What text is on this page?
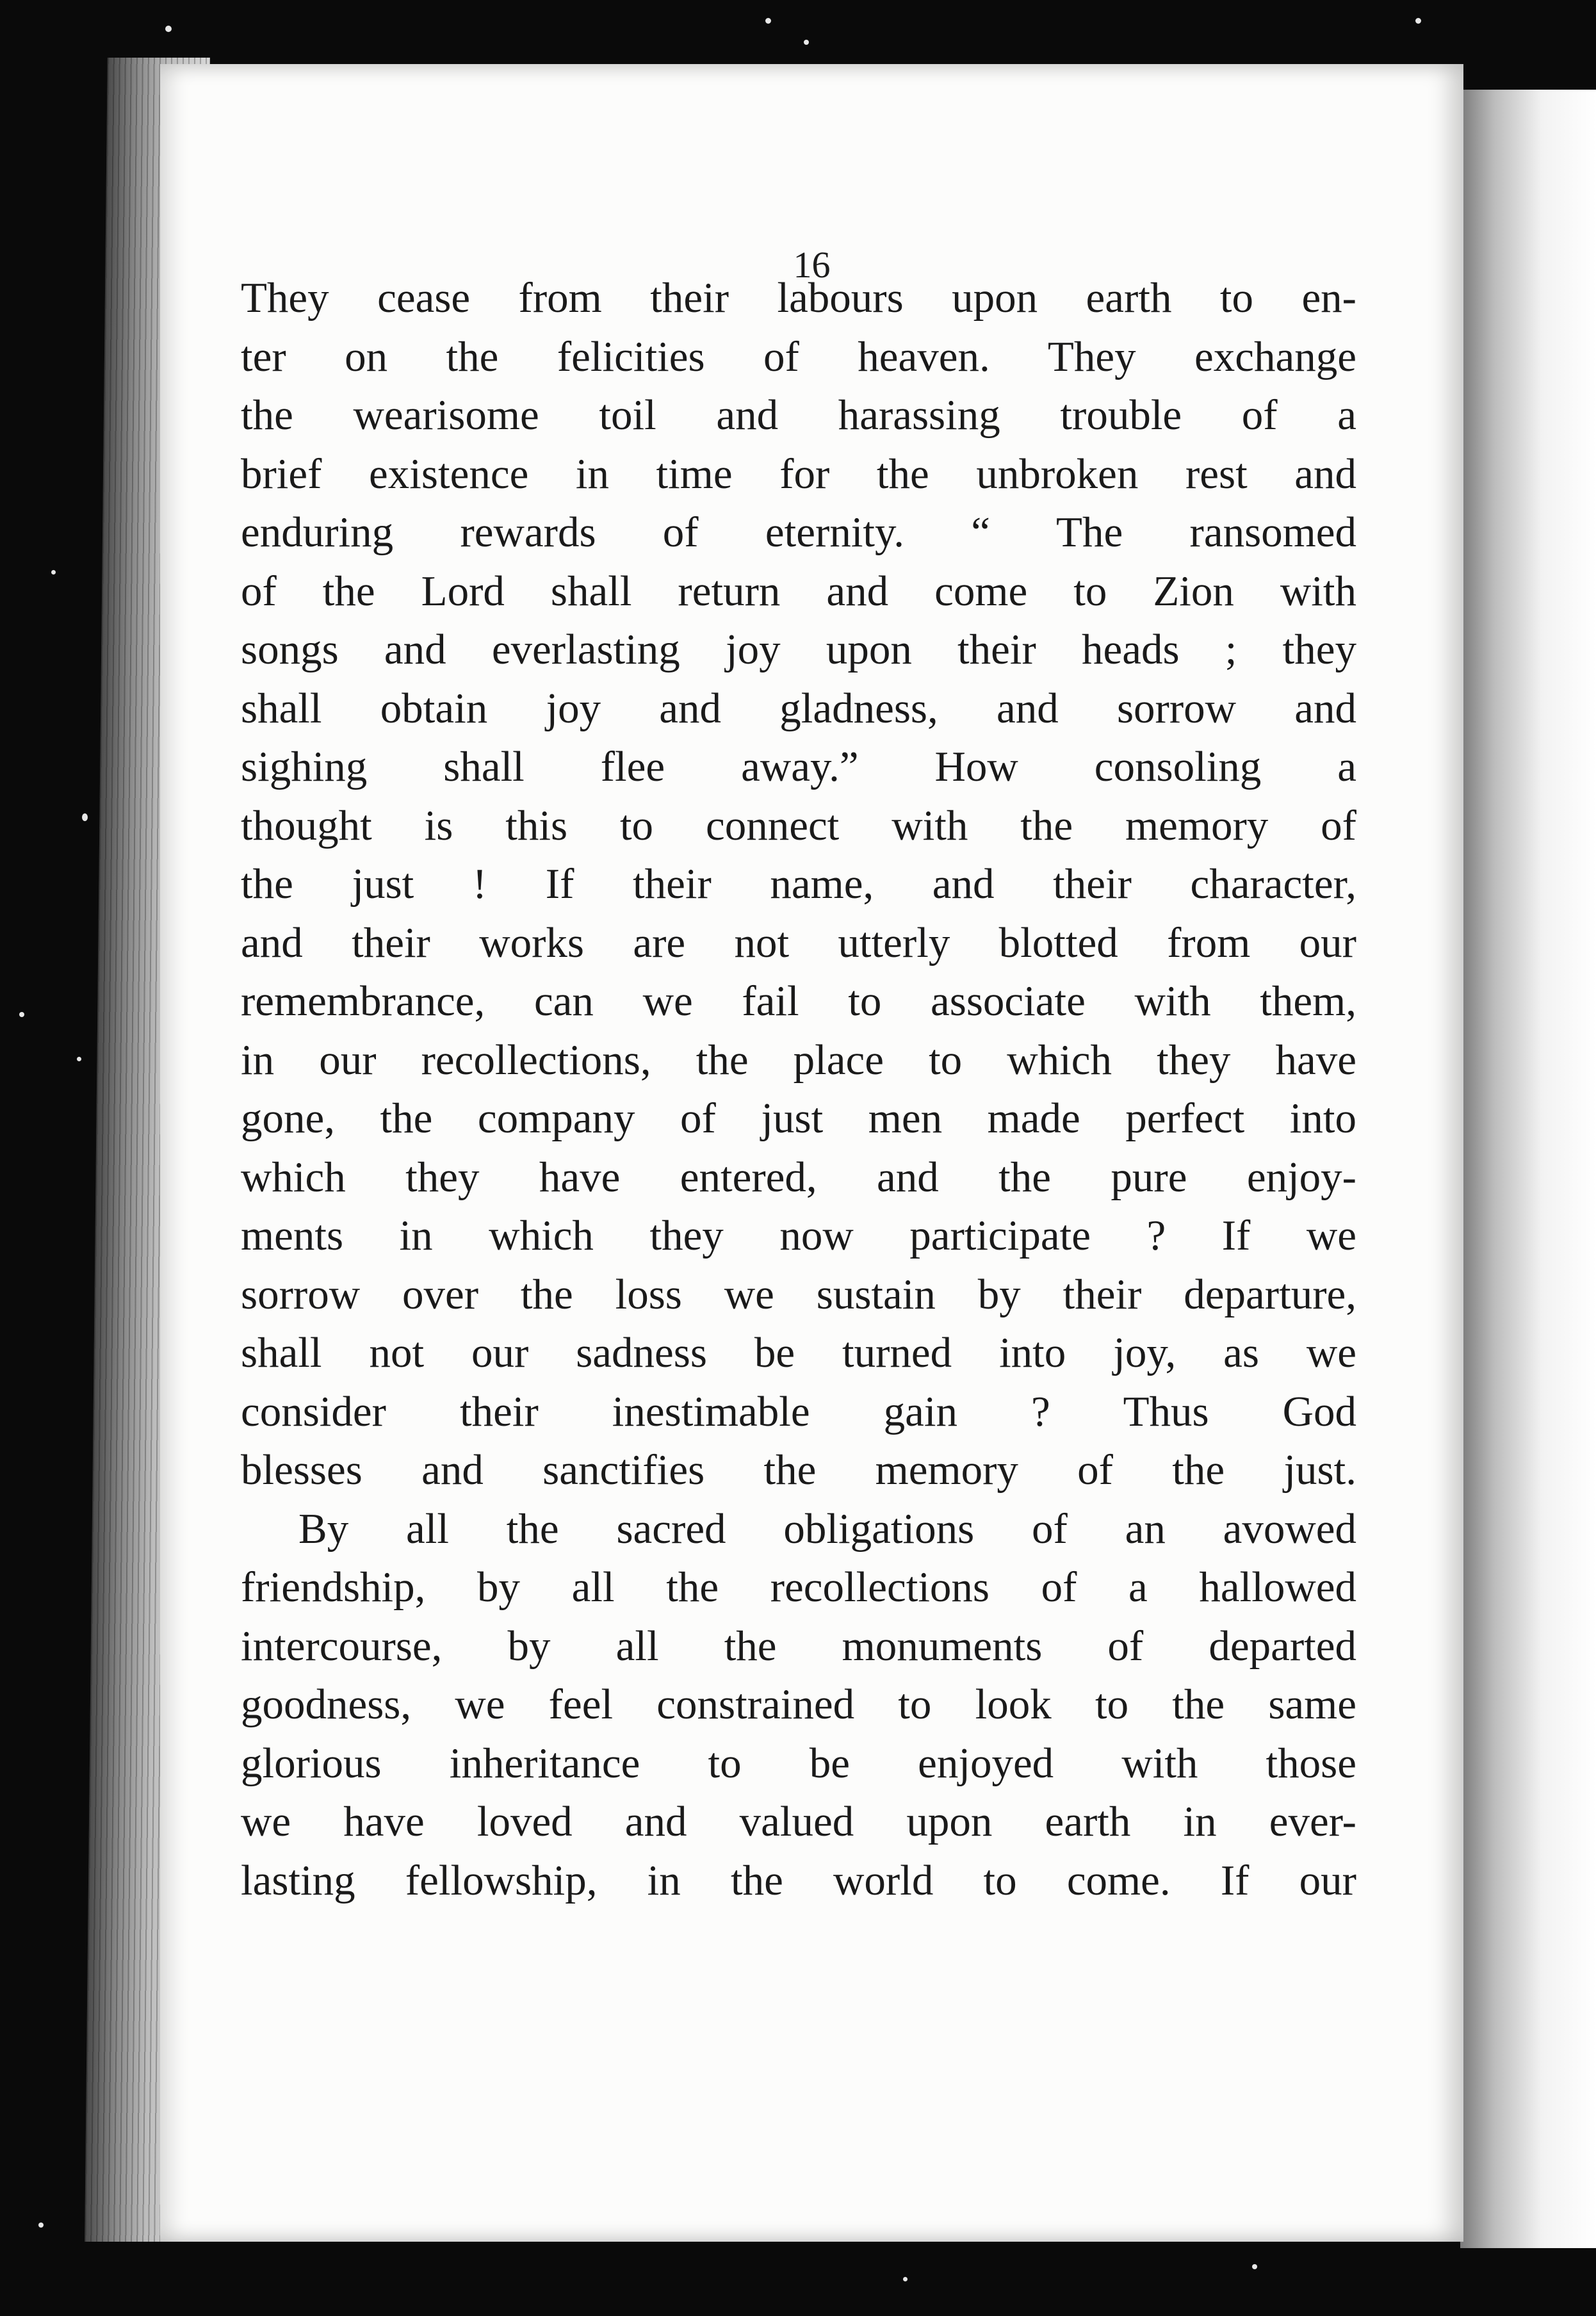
16
They cease from their labours upon earth to en-
ter on the felicities of heaven. They exchange
the wearisome toil and harassing trouble of a
brief existence in time for the unbroken rest and
enduring rewards of eternity. “ The ransomed
of the Lord shall return and come to Zion with
songs and everlasting joy upon their heads ; they
shall obtain joy and gladness, and sorrow and
sighing shall flee away.” How consoling a
thought is this to connect with the memory of
the just ! If their name, and their character,
and their works are not utterly blotted from our
remembrance, can we fail to associate with them,
in our recollections, the place to which they have
gone, the company of just men made perfect into
which they have entered, and the pure enjoy-
ments in which they now participate ? If we
sorrow over the loss we sustain by their departure,
shall not our sadness be turned into joy, as we
consider their inestimable gain ? Thus God
blesses and sanctifies the memory of the just.
By all the sacred obligations of an avowed
friendship, by all the recollections of a hallowed
intercourse, by all the monuments of departed
goodness, we feel constrained to look to the same
glorious inheritance to be enjoyed with those
we have loved and valued upon earth in ever-
lasting fellowship, in the world to come. If our
